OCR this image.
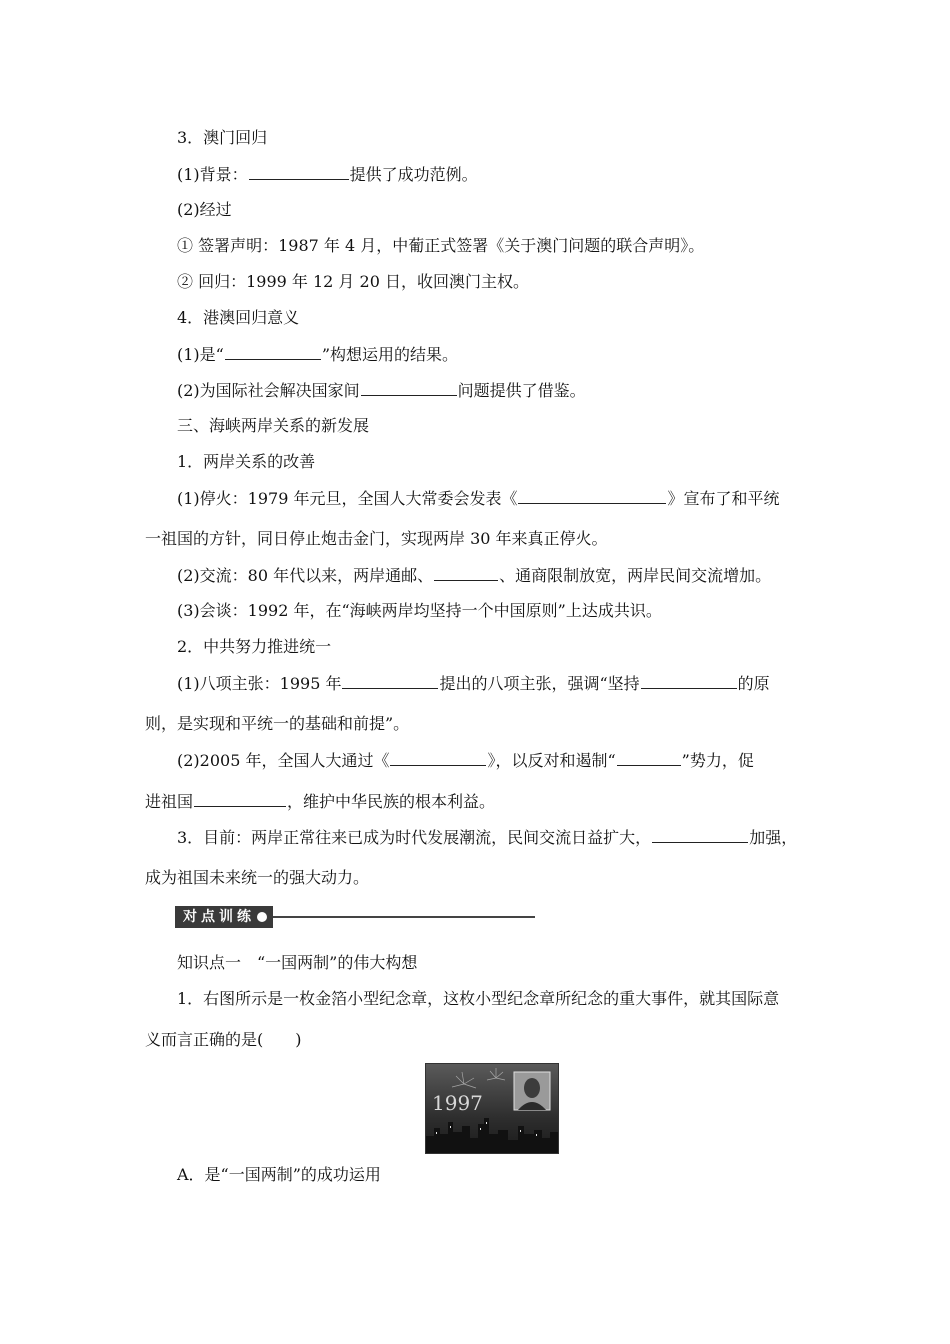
3．澳门回归
(1)背景：	提供了成功范例。
(2)经过
① 签署声明：1987 年 4 月，中葡正式签署《关于澳门问题的联合声明》。
② 回归：1999 年 12 月 20 日，收回澳门主权。
4．港澳回归意义
(1)是“	”构想运用的结果。
(2)为国际社会解决国家间	问题提供了借鉴。
三、海峡两岸关系的新发展
1．两岸关系的改善
(1)停火：1979 年元旦，全国人大常委会发表《	》宣布了和平统
一祖国的方针，同日停止炮击金门，实现两岸 30 年来真正停火。
(2)交流：80 年代以来，两岸通邮、	、通商限制放宽，两岸民间交流增加。
(3)会谈：1992 年，在“海峡两岸均坚持一个中国原则”上达成共识。
2．中共努力推进统一
(1)八项主张：1995 年	提出的八项主张，强调“坚持	的原
则，是实现和平统一的基础和前提”。
(2)2005 年，全国人大通过《	》，以反对和遏制“	”势力，促
进祖国	，维护中华民族的根本利益。
3．目前：两岸正常往来已成为时代发展潮流，民间交流日益扩大，	加强，
成为祖国未来统一的强大动力。
对点训练
知识点一　“一国两制”的伟大构想
1．右图所示是一枚金箔小型纪念章，这枚小型纪念章所纪念的重大事件，就其国际意
义而言正确的是(　　)
1997
A．是“一国两制”的成功运用
